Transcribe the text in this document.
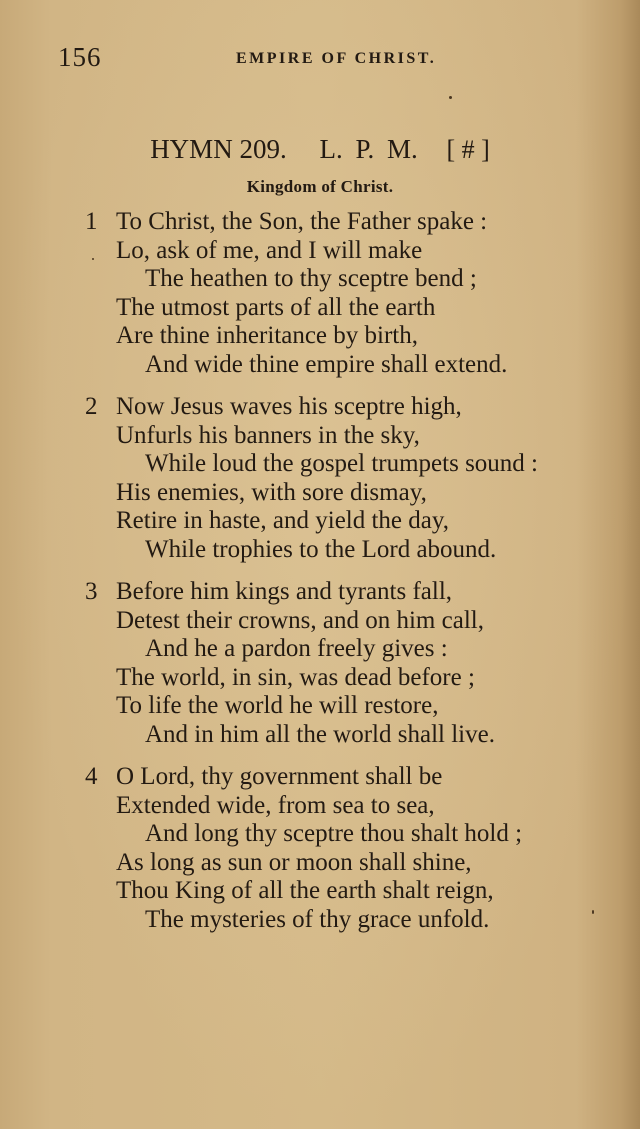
156	EMPIRE OF CHRIST.
HYMN 209. L. P. M. [ # ]
Kingdom of Christ.
1 To Christ, the Son, the Father spake :
Lo, ask of me, and I will make
The heathen to thy sceptre bend ;
The utmost parts of all the earth
Are thine inheritance by birth,
And wide thine empire shall extend.
2 Now Jesus waves his sceptre high,
Unfurls his banners in the sky,
While loud the gospel trumpets sound :
His enemies, with sore dismay,
Retire in haste, and yield the day,
While trophies to the Lord abound.
3 Before him kings and tyrants fall,
Detest their crowns, and on him call,
And he a pardon freely gives :
The world, in sin, was dead before ;
To life the world he will restore,
And in him all the world shall live.
4 O Lord, thy government shall be
Extended wide, from sea to sea,
And long thy sceptre thou shalt hold ;
As long as sun or moon shall shine,
Thou King of all the earth shalt reign,
The mysteries of thy grace unfold.
